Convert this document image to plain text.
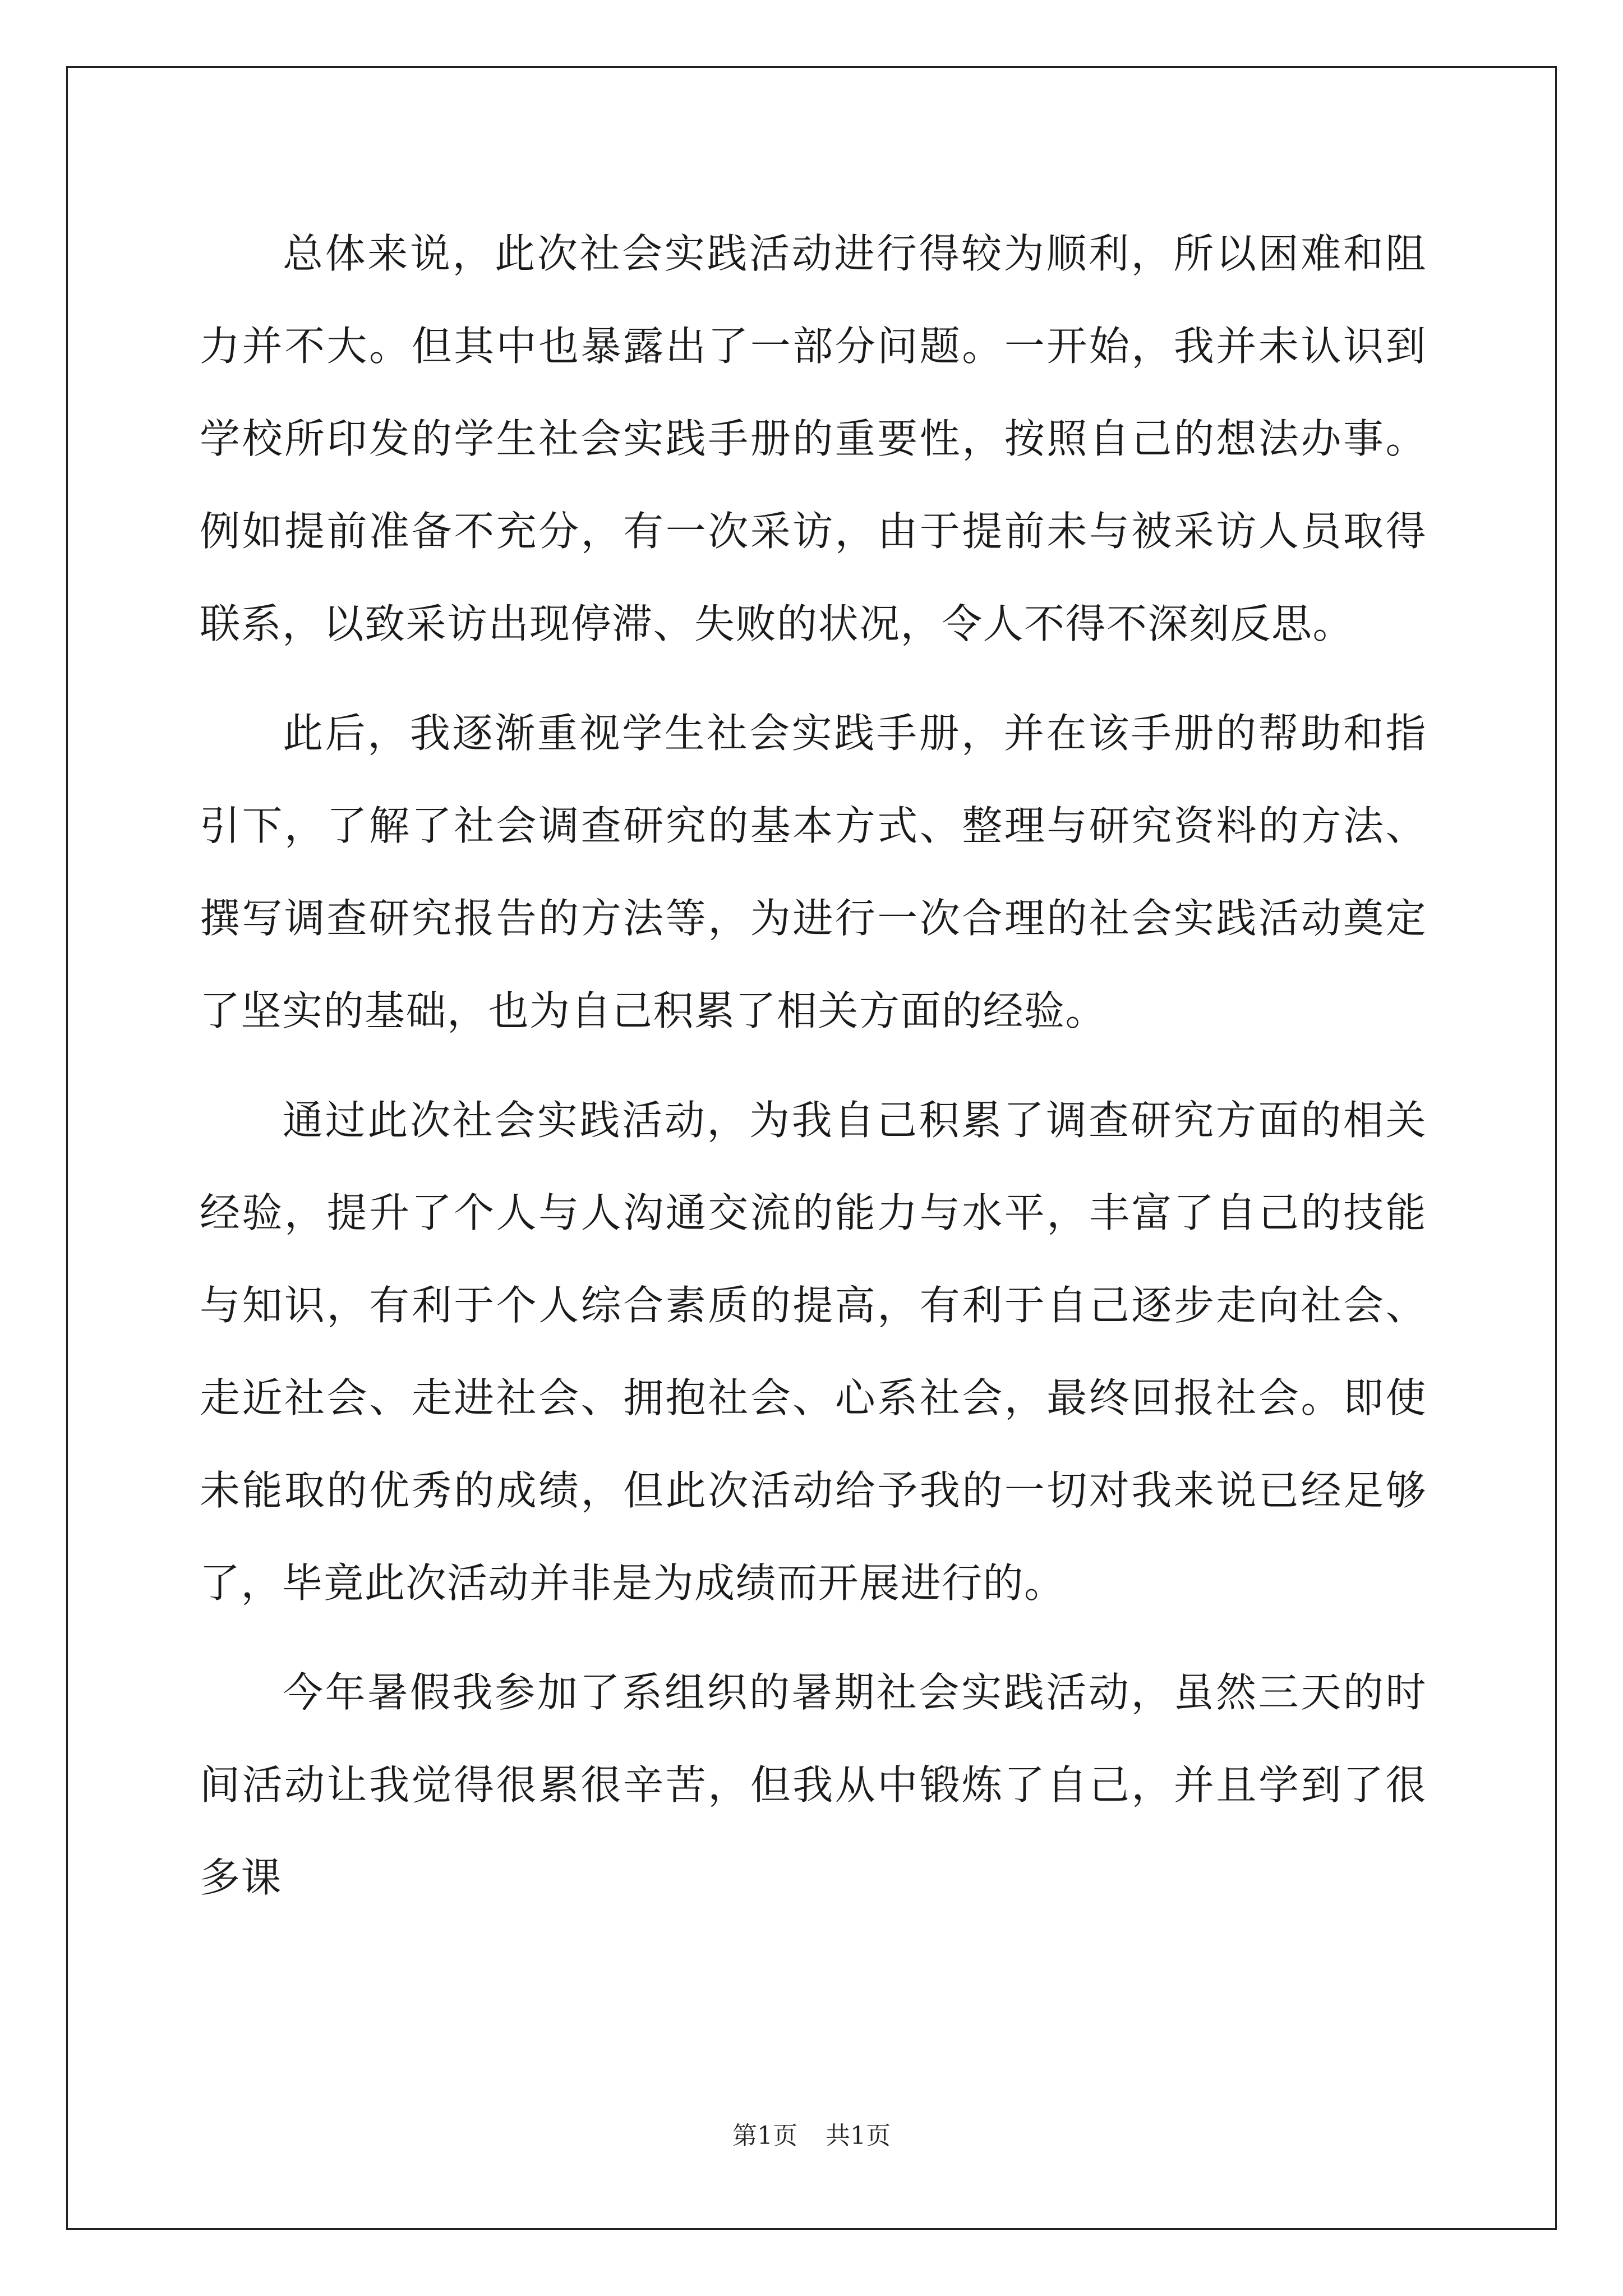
总体来说，此次社会实践活动进行得较为顺利，所以困难和阻力并不大。但其中也暴露出了一部分问题。一开始，我并未认识到学校所印发的学生社会实践手册的重要性，按照自己的想法办事。例如提前准备不充分，有一次采访，由于提前未与被采访人员取得联系，以致采访出现停滞、失败的状况，令人不得不深刻反思。

此后，我逐渐重视学生社会实践手册，并在该手册的帮助和指引下，了解了社会调查研究的基本方式、整理与研究资料的方法、撰写调查研究报告的方法等，为进行一次合理的社会实践活动奠定了坚实的基础，也为自己积累了相关方面的经验。

通过此次社会实践活动，为我自己积累了调查研究方面的相关经验，提升了个人与人沟通交流的能力与水平，丰富了自己的技能与知识，有利于个人综合素质的提高，有利于自己逐步走向社会、走近社会、走进社会、拥抱社会、心系社会，最终回报社会。即使未能取的优秀的成绩，但此次活动给予我的一切对我来说已经足够了，毕竟此次活动并非是为成绩而开展进行的。

今年暑假我参加了系组织的暑期社会实践活动，虽然三天的时间活动让我觉得很累很辛苦，但我从中锻炼了自己，并且学到了很多课

第1页 共1页
